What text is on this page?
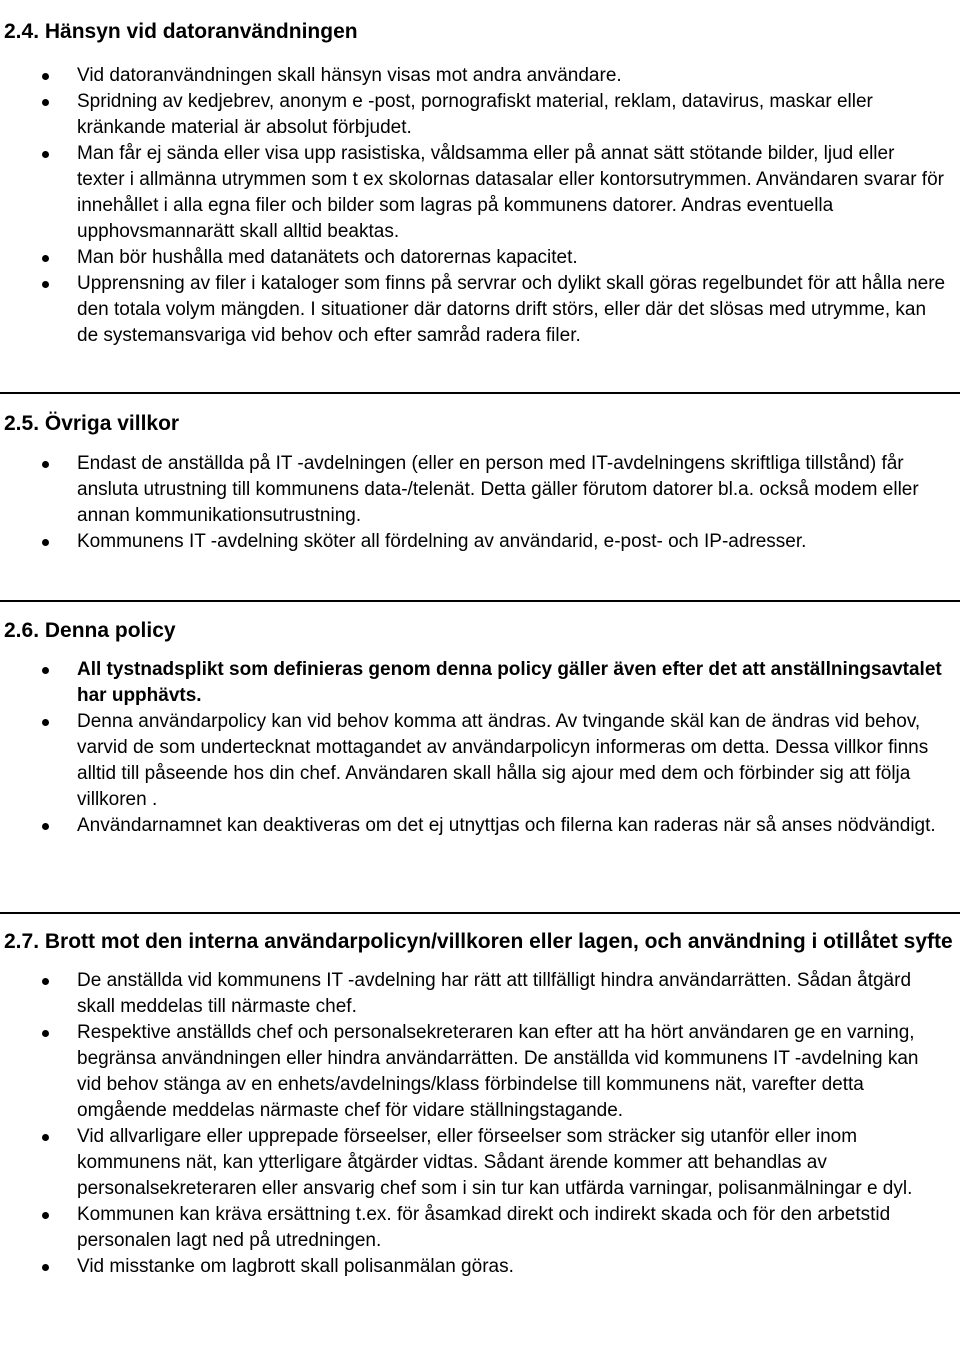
2.4. Hänsyn vid datoranvändningen
Vid datoranvändningen skall hänsyn visas mot andra användare.
Spridning av kedjebrev, anonym e -post, pornografiskt material, reklam, datavirus, maskar eller kränkande material är absolut förbjudet.
Man får ej sända eller visa upp rasistiska, våldsamma eller på annat sätt stötande bilder, ljud eller texter i allmänna utrymmen som t ex skolornas datasalar eller kontorsutrymmen. Användaren svarar för innehållet i alla egna filer och bilder som lagras på kommunens datorer. Andras eventuella upphovsmannarätt skall alltid beaktas.
Man bör hushålla med datanätets och datorernas kapacitet.
Upprensning av filer i kataloger som finns på servrar och dylikt skall göras regelbundet för att hålla nere den totala volym mängden. I situationer där datorns drift störs, eller där det slösas med utrymme, kan de systemansvariga vid behov och efter samråd radera filer.
2.5. Övriga villkor
Endast de anställda på IT -avdelningen (eller en person med IT-avdelningens skriftliga tillstånd) får ansluta utrustning till kommunens data-/telenät. Detta gäller förutom datorer bl.a. också modem eller annan kommunikationsutrustning.
Kommunens IT -avdelning sköter all fördelning av användarid, e-post- och IP-adresser.
2.6. Denna policy
All tystnadsplikt som definieras genom denna policy gäller även efter det att anställningsavtalet har upphävts.
Denna användarpolicy kan vid behov komma att ändras. Av tvingande skäl kan de ändras vid behov, varvid de som undertecknat mottagandet av användarpolicyn informeras om detta. Dessa villkor finns alltid till påseende hos din chef. Användaren skall hålla sig ajour med dem och förbinder sig att följa villkoren .
Användarnamnet kan deaktiveras om det ej utnyttjas och filerna kan raderas när så anses nödvändigt.
2.7. Brott mot den interna användarpolicyn/villkoren eller lagen, och användning i otillåtet syfte
De anställda vid kommunens IT -avdelning har rätt att tillfälligt hindra användarrätten. Sådan åtgärd skall meddelas till närmaste chef.
Respektive anställds chef och personalsekreteraren kan efter att ha hört användaren ge en varning, begränsa användningen eller hindra användarrätten. De anställda vid kommunens IT -avdelning kan vid behov stänga av en enhets/avdelnings/klass förbindelse till kommunens nät, varefter detta omgående meddelas närmaste chef för vidare ställningstagande.
Vid allvarligare eller upprepade förseelser, eller förseelser som sträcker sig utanför eller inom kommunens nät, kan ytterligare åtgärder vidtas. Sådant ärende kommer att behandlas av personalsekreteraren eller ansvarig chef som i sin tur kan utfärda varningar, polisanmälningar e dyl.
Kommunen kan kräva ersättning t.ex. för åsamkad direkt och indirekt skada och för den arbetstid personalen lagt ned på utredningen.
Vid misstanke om lagbrott skall polisanmälan göras.
